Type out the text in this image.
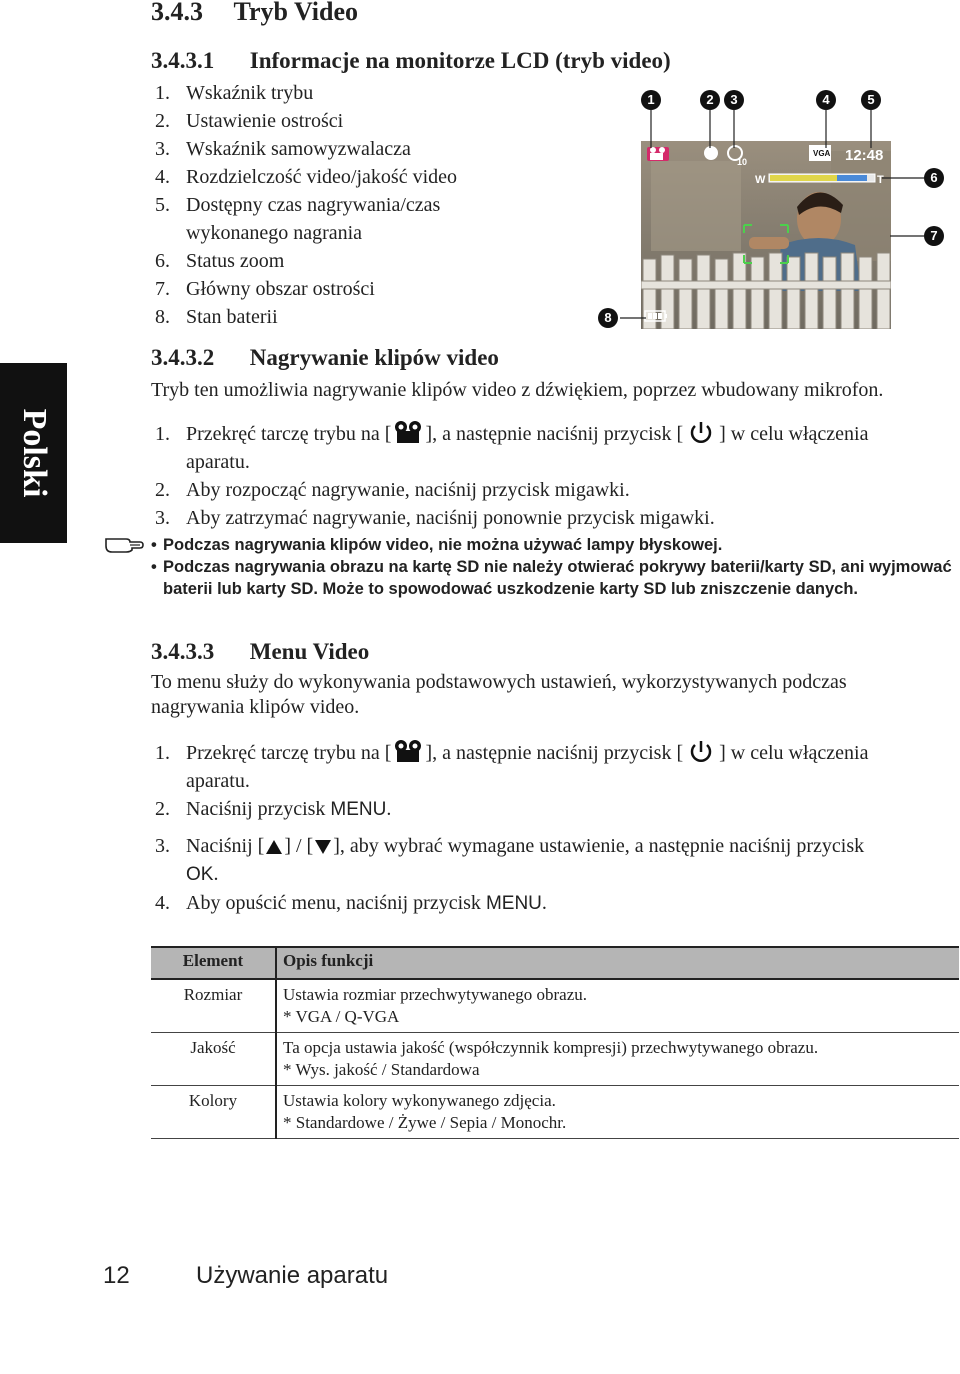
3.4.3 Tryb Video
3.4.3.1 Informacje na monitorze LCD (tryb video)
1. Wskaźnik trybu
2. Ustawienie ostrości
3. Wskaźnik samowyzwalacza
4. Rozdzielczość video/jakość video
5. Dostępny czas nagrywania/czas
wykonanego nagrania
6. Status zoom
7. Główny obszar ostrości
8. Stan baterii
W	T
VGA
10	12:48
1	2	3	4	5
6
7
8
Polski
3.4.3.2 Nagrywanie klipów video
Tryb ten umożliwia nagrywanie klipów video z dźwiękiem, poprzez wbudowany mikrofon.
1. Przekręć tarczę trybu na [ ], a następnie naciśnij przycisk [ ] w celu włączenia
aparatu.
2. Aby rozpocząć nagrywanie, naciśnij przycisk migawki.
3. Aby zatrzymać nagrywanie, naciśnij ponownie przycisk migawki.
• Podczas nagrywania klipów video, nie można używać lampy błyskowej.
• Podczas nagrywania obrazu na kartę SD nie należy otwierać pokrywy baterii/karty SD, ani wyjmować baterii lub karty SD. Może to spowodować uszkodzenie karty SD lub zniszczenie danych.
3.4.3.3 Menu Video
To menu służy do wykonywania podstawowych ustawień, wykorzystywanych podczas
nagrywania klipów video.
1. Przekręć tarczę trybu na [ ], a następnie naciśnij przycisk [ ] w celu włączenia
aparatu.
2. Naciśnij przycisk MENU.
3. Naciśnij [ ] / [ ], aby wybrać wymagane ustawienie, a następnie naciśnij przycisk
OK.
4. Aby opuścić menu, naciśnij przycisk MENU.
Element	Opis funkcji
Rozmiar	Ustawia rozmiar przechwytywanego obrazu.
* VGA / Q-VGA
Jakość	Ta opcja ustawia jakość (współczynnik kompresji) przechwytywanego obrazu.
* Wys. jakość / Standardowa
Kolory	Ustawia kolory wykonywanego zdjęcia.
* Standardowe / Żywe / Sepia / Monochr.
12	Używanie aparatu
